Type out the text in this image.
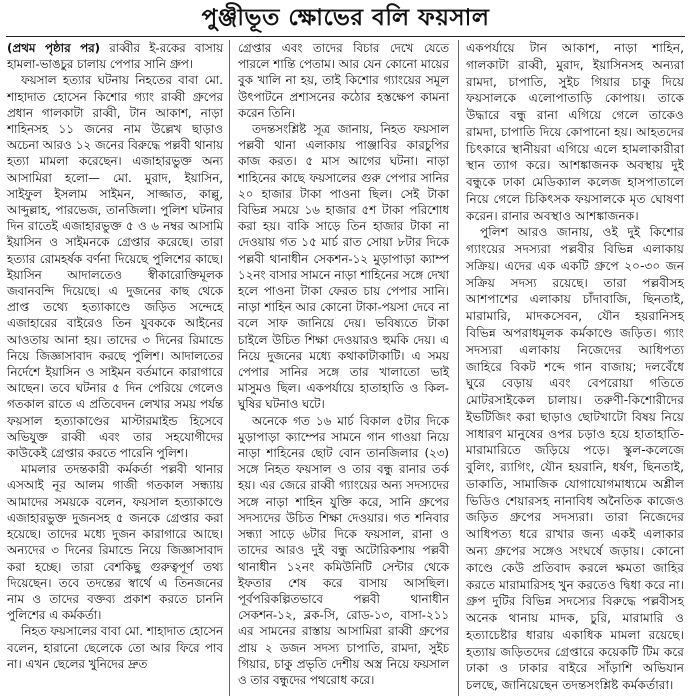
পুঞ্জীভূত ক্ষোভের বলি ফয়সাল

(প্রথম পৃষ্ঠার পর) রাব্বীর ই-রকের বাসায় হামলা-ভাঙচুর চালায় পেপার সানি গ্রুপ।

ফয়সাল হত্যার ঘটনায় নিহতের বাবা মো. শাহাদাত হোসেন কিশোর গ্যাং রাব্বী গ্রুপের প্রধান গালকাটা রাব্বী, টান আকাশ, নাড়া শাহিনসহ ১১ জনের নাম উল্লেখ ছাড়াও অচেনা আরও ১২ জনের বিরুদ্ধে পল্লবী থানায় হত্যা মামলা করেছেন। এজাহারভুক্ত অন্য আসামিরা হলো— মো. মুরাদ, ইয়াসিন, সাইফুল ইসলাম সাইমন, সাজ্জাত, কাল্লু, আব্দুল্লাহ, পারভেজ, তানজিলা। পুলিশ ঘটনার দিন রাতেই এজাহারভুক্ত ৫ ও ৬ নম্বর আসামি ইয়াসিন ও সাইমনকে গ্রেপ্তার করেছে। তারা হত্যার রোমহর্ষক বর্ণনা দিয়েছে পুলিশের কাছে। ইয়াসিন আদালতেও স্বীকারোক্তিমূলক জবানবন্দি দিয়েছে। এ দুজনের কাছ থেকে প্রাপ্ত তথ্যে হত্যাকাণ্ডে জড়িত সন্দেহে এজাহারের বাইরেও তিন যুবককে আইনের আওতায় আনা হয়। তাদের ৩ দিনের রিমান্ডে নিয়ে জিজ্ঞাসাবাদ করছে পুলিশ। আদালতের নির্দেশে ইয়াসিন ও সাইমন বর্তমানে কারাগারে আছেন। তবে ঘটনার ৫ দিন পেরিয়ে গেলেও গতকাল রাতে এ প্রতিবেদন লেখার সময় পর্যন্ত ফয়সাল হত্যাকাণ্ডের মাস্টারমাইন্ড হিসেবে অভিযুক্ত রাব্বী এবং তার সহযোগীদের কাউকেই গ্রেপ্তার করতে পারেনি পুলিশ।

মামলার তদন্তকারী কর্মকর্তা পল্লবী থানার এসআই নূর আলম গাজী গতকাল সন্ধ্যায় আমাদের সময়কে বলেন, ফয়সাল হত্যাকাণ্ডে এজাহারভুক্ত দুজনসহ ৫ জনকে গ্রেপ্তার করা হয়েছে। তাদের মধ্যে দুজন কারাগারে আছে। অন্যদের ৩ দিনের রিমান্ডে নিয়ে জিজ্ঞাসাবাদ করা হচ্ছে। তারা বেশকিছু গুরুত্বপূর্ণ তথ্য দিয়েছেন। তবে তদন্তের স্বার্থে এ তিনজনের নাম ও তাদের বক্তব্য প্রকাশ করতে চাননি পুলিশের এ কর্মকর্তা।

নিহত ফয়সালের বাবা মো. শাহাদাত হোসেন বলেন, হারানো ছেলেকে তো আর ফিরে পাব না। এখন ছেলের খুনিদের দ্রুত

গ্রেপ্তার এবং তাদের বিচার দেখে যেতে পারলে শান্তি পেতাম। আর যেন কোনো মায়ের বুক খালি না হয়, তাই কিশোর গ্যাংয়ের সমূল উৎপাটনে প্রশাসনের কঠোর হস্তক্ষেপ কামনা করেন তিনি।

তদন্তসংশ্লিষ্ট সূত্র জানায়, নিহত ফয়সাল পল্লবী থানা এলাকায় পাঞ্জাবির কারচুপির কাজ করত। ৫ মাস আগের ঘটনা। নাড়া শাহিনের কাছে ফয়সালের গুরু পেপার সানির ২০ হাজার টাকা পাওনা ছিল। সেই টাকা বিভিন্ন সময়ে ১৬ হাজার ৫শ টাকা পরিশোধ করা হয়। বাকি সাড়ে তিন হাজার টাকা না দেওয়ায় গত ১৫ মার্চ রাত সোয়া ৮টার দিকে পল্লবী থানাধীন সেকশন-১২ মুড়াপাড়া ক্যাম্প ১২নং বাসার সামনে নাড়া শাহিনের সঙ্গে দেখা হলে পাওনা টাকা ফেরত চায় পেপার সানি। নাড়া শাহিন আর কোনো টাকা-পয়সা দেবে না বলে সাফ জানিয়ে দেয়। ভবিষ্যতে টাকা চাইলে উচিত শিক্ষা দেওয়ারও হুমকি দেয়। এ নিয়ে দুজনের মধ্যে কথাকাটাকাটি। এ সময় পেপার সানির সঙ্গে তার খালাতো ভাই মাসুমও ছিল। একপর্যায়ে হাতাহাতি ও কিল-ঘুষির ঘটনাও ঘটে।

অনেকে গত ১৬ মার্চ বিকাল ৫টার দিকে মুড়াপাড়া ক্যাম্পের সামনে গান গাওয়া নিয়ে নাড়া শাহিনের ছোট বোন তানজিলার (২৩) সঙ্গে নিহত ফয়সাল ও তার বন্ধু রানার তর্ক হয়। এর জেরে রাব্বী গ্যাংয়ের অন্য সদস্যদের সঙ্গে নাড়া শাহিন যুক্তি করে, সানি গ্রুপের সদস্যদের উচিত শিক্ষা দেওয়ার। গত শনিবার সন্ধ্যা সাড়ে ৬টার দিকে ফয়সাল, রানা ও তাদের আরও দুই বন্ধু অটোরিকশায় পল্লবী থানাধীন ১২নং কমিউনিটি সেন্টার থেকে ইফতার শেষ করে বাসায় আসছিল। পূর্বপরিকল্পিতভাবে পল্লবী থানাধীন সেকশন-১২, ব্লক-সি, রোড-১৩, বাসা-২১১ এর সামনের রাস্তায় আসামিরা রাব্বী গ্রুপের প্রায় ২ ডজন সদস্য চাপাতি, রামদা, সুইচ গিয়ার, চাকু প্রভৃতি দেশীয় অস্ত্র নিয়ে ফয়সাল ও তার বন্ধুদের পথরোধ করে।

একপর্যায়ে টান আকাশ, নাড়া শাহিন, গালকাটা রাব্বী, মুরাদ, ইয়াসিনসহ অন্যরা রামদা, চাপাতি, সুইচ গিয়ার চাকু দিয়ে ফয়সালকে এলোপাতাড়ি কোপায়। তাকে উদ্ধারে বন্ধু রানা এগিয়ে গেলে তাকেও রামদা, চাপাতি দিয়ে কোপানো হয়। আহতদের চিৎকারে স্থানীয়রা এগিয়ে এলে হামলাকারীরা স্থান ত্যাগ করে। আশঙ্কাজনক অবস্থায় দুই বন্ধুকে ঢাকা মেডিক্যাল কলেজ হাসপাতালে নিয়ে গেলে চিকিৎসক ফয়সালকে মৃত ঘোষণা করেন। রানার অবস্থাও আশঙ্কাজনক।

পুলিশ আরও জানায়, ওই দুই কিশোর গ্যাংয়ের সদস্যরা পল্লবীর বিভিন্ন এলাকায় সক্রিয়। এদের এক একটি গ্রুপে ২০-৩০ জন সক্রিয় সদস্য রয়েছে। তারা পল্লবীসহ আশপাশের এলাকায় চাঁদাবাজি, ছিনতাই, মারামারি, মাদকসেবন, যৌন হয়রানিসহ বিভিন্ন অপরাধমূলক কর্মকাণ্ডে জড়িত। গ্যাং সদস্যরা এলাকায় নিজেদের আধিপত্য জাহিরে বিকট শব্দে গান বাজায়; দলবেঁধে ঘুরে বেড়ায় এবং বেপরোয়া গতিতে মোটরসাইকেল চালায়। তরুণী-কিশোরীদের ইভটিজিং করা ছাড়াও ছোটখাটো বিষয় নিয়ে সাধারণ মানুষের ওপর চড়াও হয়ে হাতাহাতি-মারামারিতে জড়িয়ে পড়ে। স্কুল-কলেজে বুলিং, র‌্যাগিং, যৌন হয়রানি, ধর্ষণ, ছিনতাই, ডাকাতি, সামাজিক যোগাযোগমাধ্যমে অশ্লীল ভিডিও শেয়ারসহ নানাবিধ অনৈতিক কাজেও জড়িত গ্রুপের সদস্যরা। তারা নিজেদের আধিপত্য ধরে রাখার জন্য একই এলাকার অন্য গ্রুপের সঙ্গেও সংঘর্ষে জড়ায়। কোনো কাণ্ডে কেউ প্রতিবাদ করলে ক্ষমতা জাহির করতে মারামারিসহ খুন করতেও দ্বিধা করে না। গ্রুপ দুটির বিভিন্ন সদস্যের বিরুদ্ধে পল্লবীসহ অনেক থানায় মাদক, চুরি, মারামারি ও হত্যাচেষ্টার ধারায় একাধিক মামলা রয়েছে। হত্যায় জড়িতদের গ্রেপ্তারে কয়েকটি টিম করে ঢাকা ও ঢাকার বাইরে সাঁড়াশি অভিযান চলছে, জানিয়েছেন তদন্তসংশ্লিষ্ট কর্মকর্তারা।
